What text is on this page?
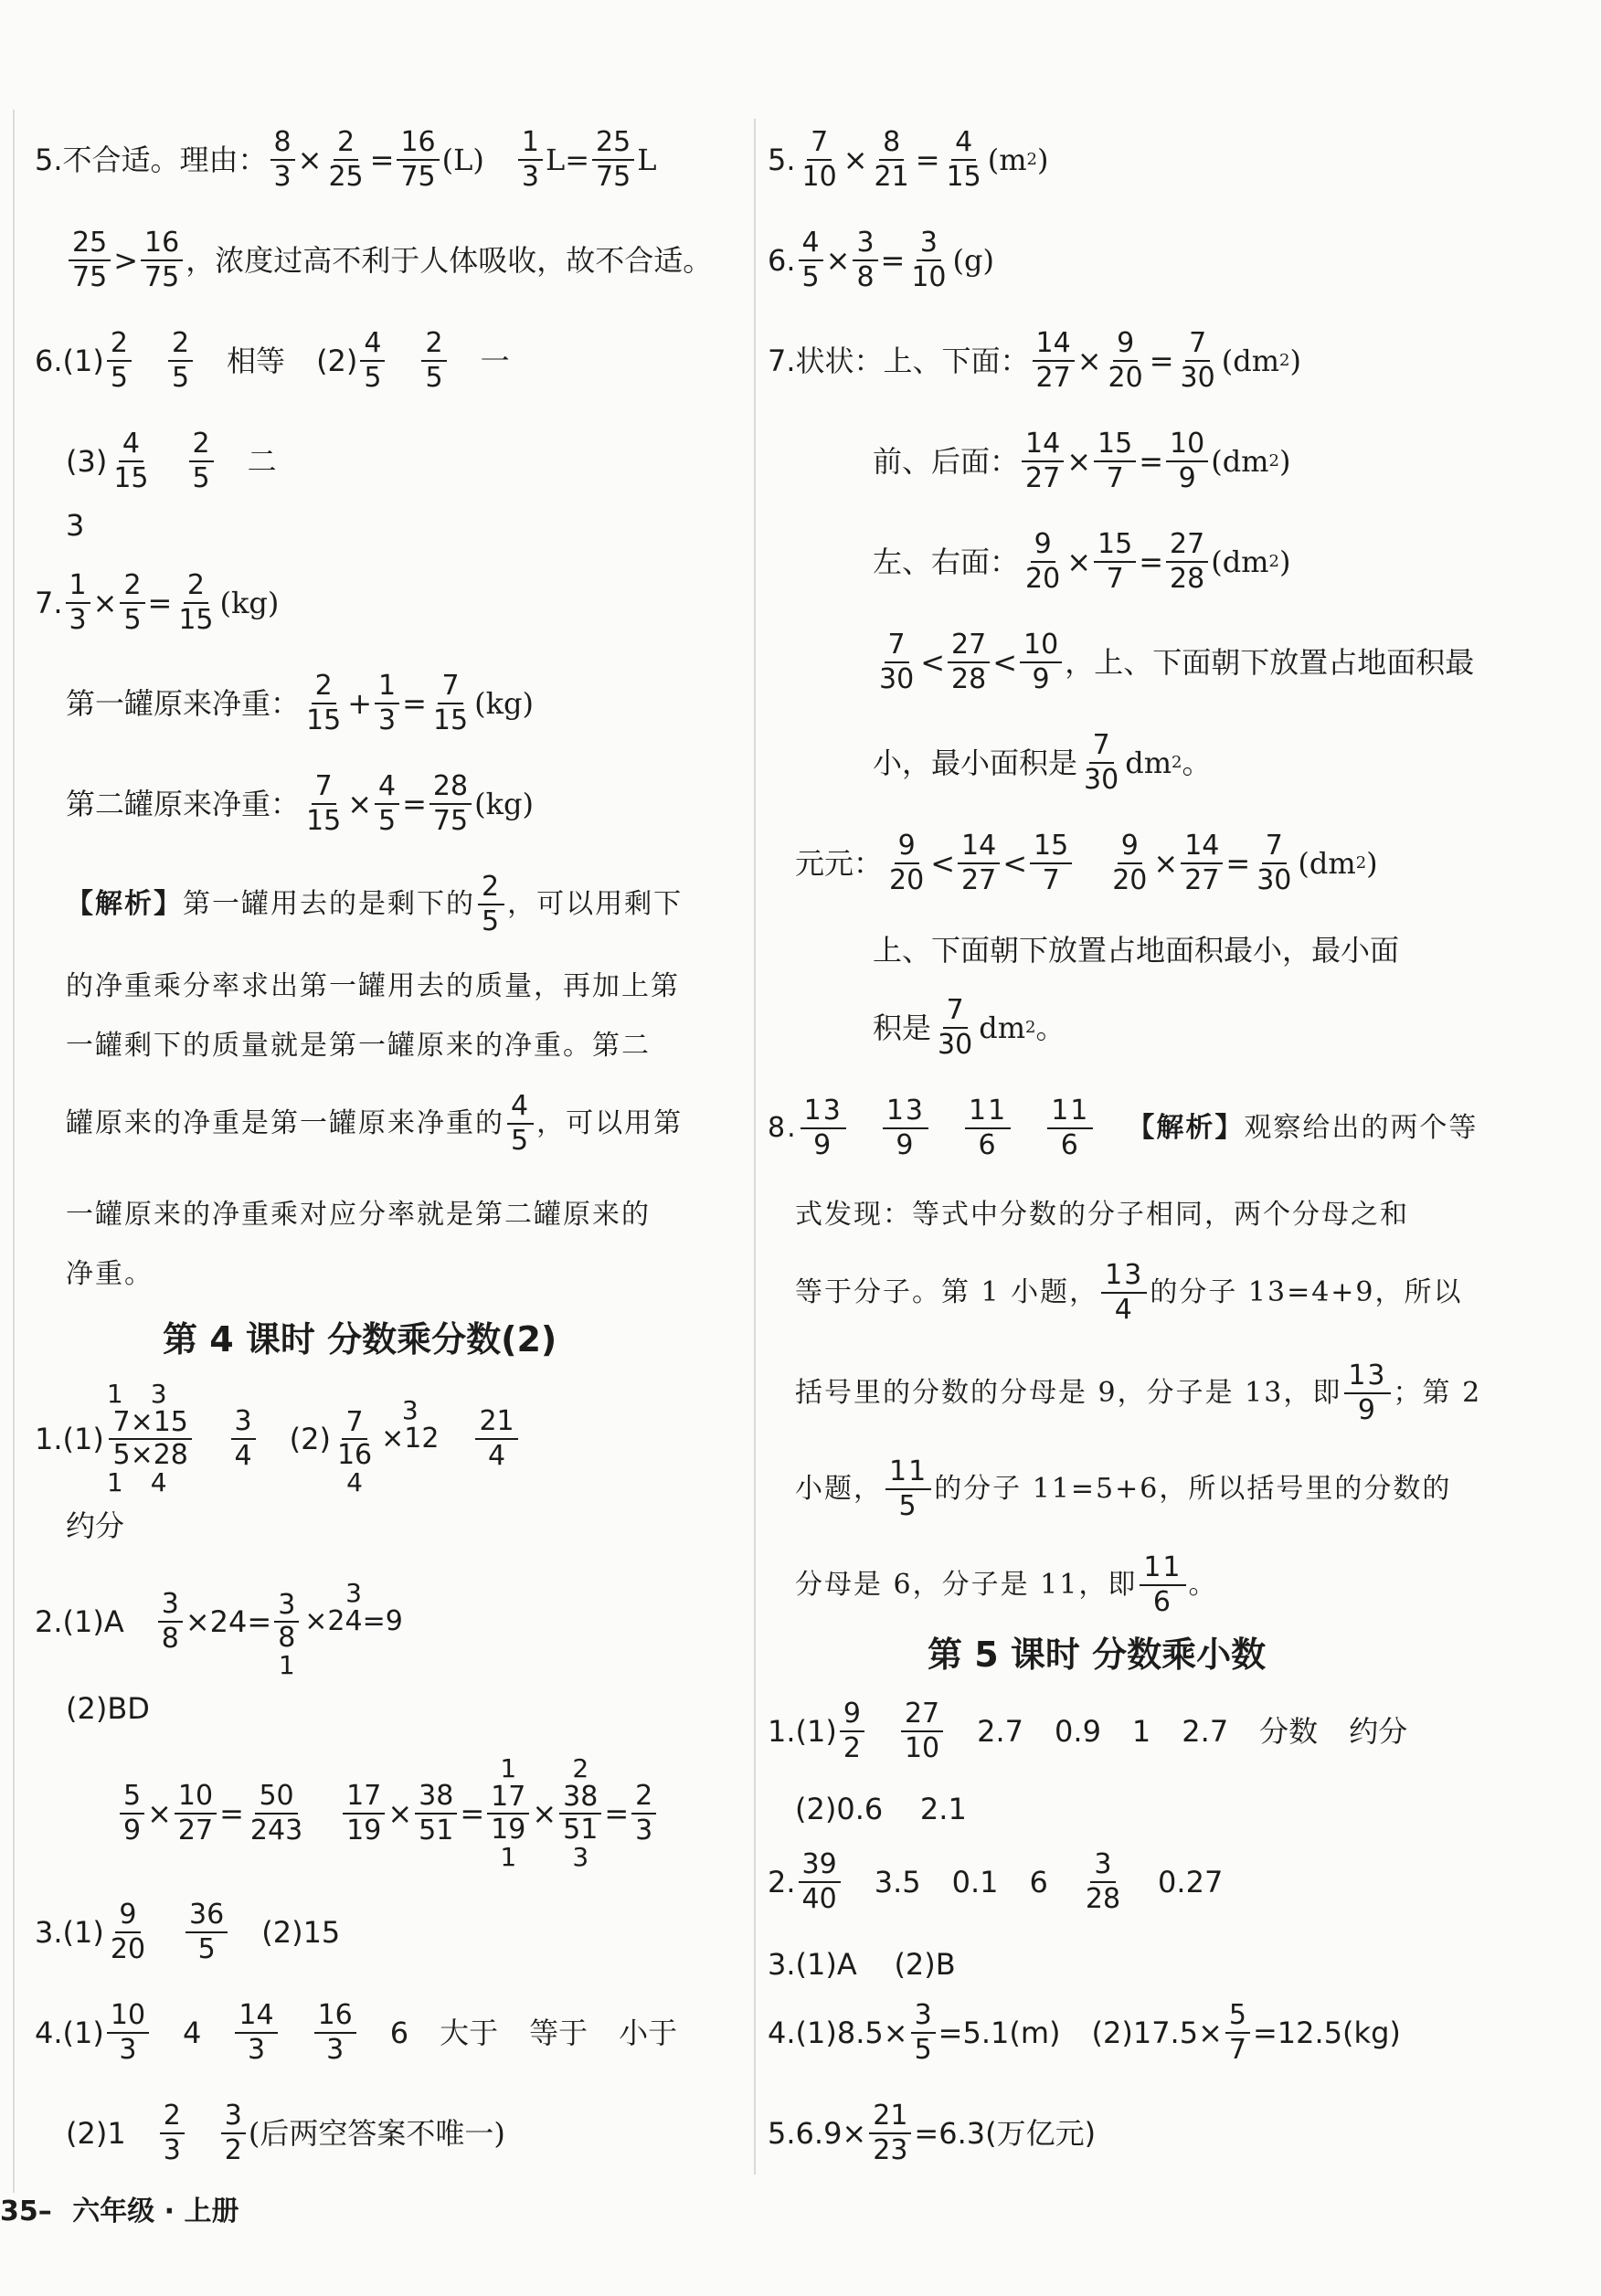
5. 不合适。理由： $\frac{8}{3} \times \frac{2}{25} = \frac{16}{75} (L) \frac{1}{3} L= \frac{25}{75}$ L
$\frac{25}{75} > \frac{16}{75}$ ，浓度过高不利于人体吸收，故不合适。
$6.(1) \frac{2}{5} \frac{2}{5}$ 相等 $(2) \frac{4}{5} \frac{2}{5}$ 一
$(3) \frac{4}{15} \frac{2}{5}$ 二
3
7. $\frac{1}{3} \times \frac{2}{5} = \frac{2}{15} (kg)$
第一罐原来净重： $\frac{2}{15} + \frac{1}{3} = \frac{7}{15} (kg)$
第二罐原来净重： $\frac{7}{15} \times \frac{4}{5} = \frac{28}{75} (kg)$
【解析】 第一罐用去的是剩下的 $\frac{2}{5}$ ，可以用剩下
的净重乘分率求出第一罐用去的质量，再加上第
一罐剩下的质量就是第一罐原来的净重。第二
罐原来的净重是第一罐原来净重的 $\frac{4}{5}$ ，可以用第
一罐原来的净重乘对应分率就是第二罐原来的
净重。
第 4 课时 分数乘分数(2)
1.(1)
13
7×15
5×28
14
$\frac{3}{4} (2)$
7
16
4
3
×12
$\frac{21}{4}$
约分
$2.(1)A \frac{3}{8} \times 24=$
3
8
1
3
×24=9

(2)BD
$\frac{5}{9} \times \frac{10}{27} = \frac{50}{243} \frac{17}{19} \times \frac{38}{51}$ =
1
17
19
1
×
2
38
51
3
= $\frac{2}{3}$
$3.(1) \frac{9}{20} \frac{36}{5} (2)15$
$4.(1) \frac{10}{3} 4 \frac{14}{3} \frac{16}{3} 6$ 大于 等于 小于
$(2)1 \frac{2}{3} \frac{3}{2}$ (后两空答案不唯一)
5. $\frac{7}{10} \times \frac{8}{21} = \frac{4}{15} (m$ 2 )
6. $\frac{4}{5} \times \frac{3}{8} = \frac{3}{10} (g)$
7. 状状：上、下面： $\frac{14}{27} \times \frac{9}{20} = \frac{7}{30} (dm$ 2 )
前、后面： $\frac{14}{27} \times \frac{15}{7} = \frac{10}{9} (dm$ 2 )
左、右面： $\frac{9}{20} \times \frac{15}{7} = \frac{27}{28} (dm$ 2 )
$\frac{7}{30} < \frac{27}{28} < \frac{10}{9}$ ，上、下面朝下放置占地面积最
小，最小面积是 $\frac{7}{30}$ dm 2 。
元元： $\frac{9}{20} < \frac{14}{27} < \frac{15}{7} \frac{9}{20} \times \frac{14}{27} = \frac{7}{30} (dm$ 2 )
上、下面朝下放置占地面积最小，最小面
积是 $\frac{7}{30}$ dm 2 。
8. $\frac{13}{9} \frac{13}{9} \frac{11}{6} \frac{11}{6}$ 【解析】 观察给出的两个等
式发现：等式中分数的分子相同，两个分母之和
等于分子。第 1 小题， $\frac{13}{4}$ 的分子 13=4+9，所以
括号里的分数的分母是 9，分子是 13，即 $\frac{13}{9}$ ；第 2
小题， $\frac{11}{5}$ 的分子 11=5+6，所以括号里的分数的
分母是 6，分子是 11，即 $\frac{11}{6}$ 。
第 5 课时 分数乘小数
$1.(1) \frac{9}{2} \frac{27}{10} 2.7$ 0.9 1 2.7 分数 约分
(2)0.6    2.1
2. $\frac{39}{40} 3.5$ 0.1 $6 \frac{3}{28} 0.27$
3.(1)A    (2)B
$4.(1)8.5\times \frac{3}{5} =5.1(m)$ $(2)17.5\times \frac{5}{7} =12.5(kg)$
$5.6.9\times \frac{21}{23} =6.3$(万亿元)
35– 六年级 · 上册
